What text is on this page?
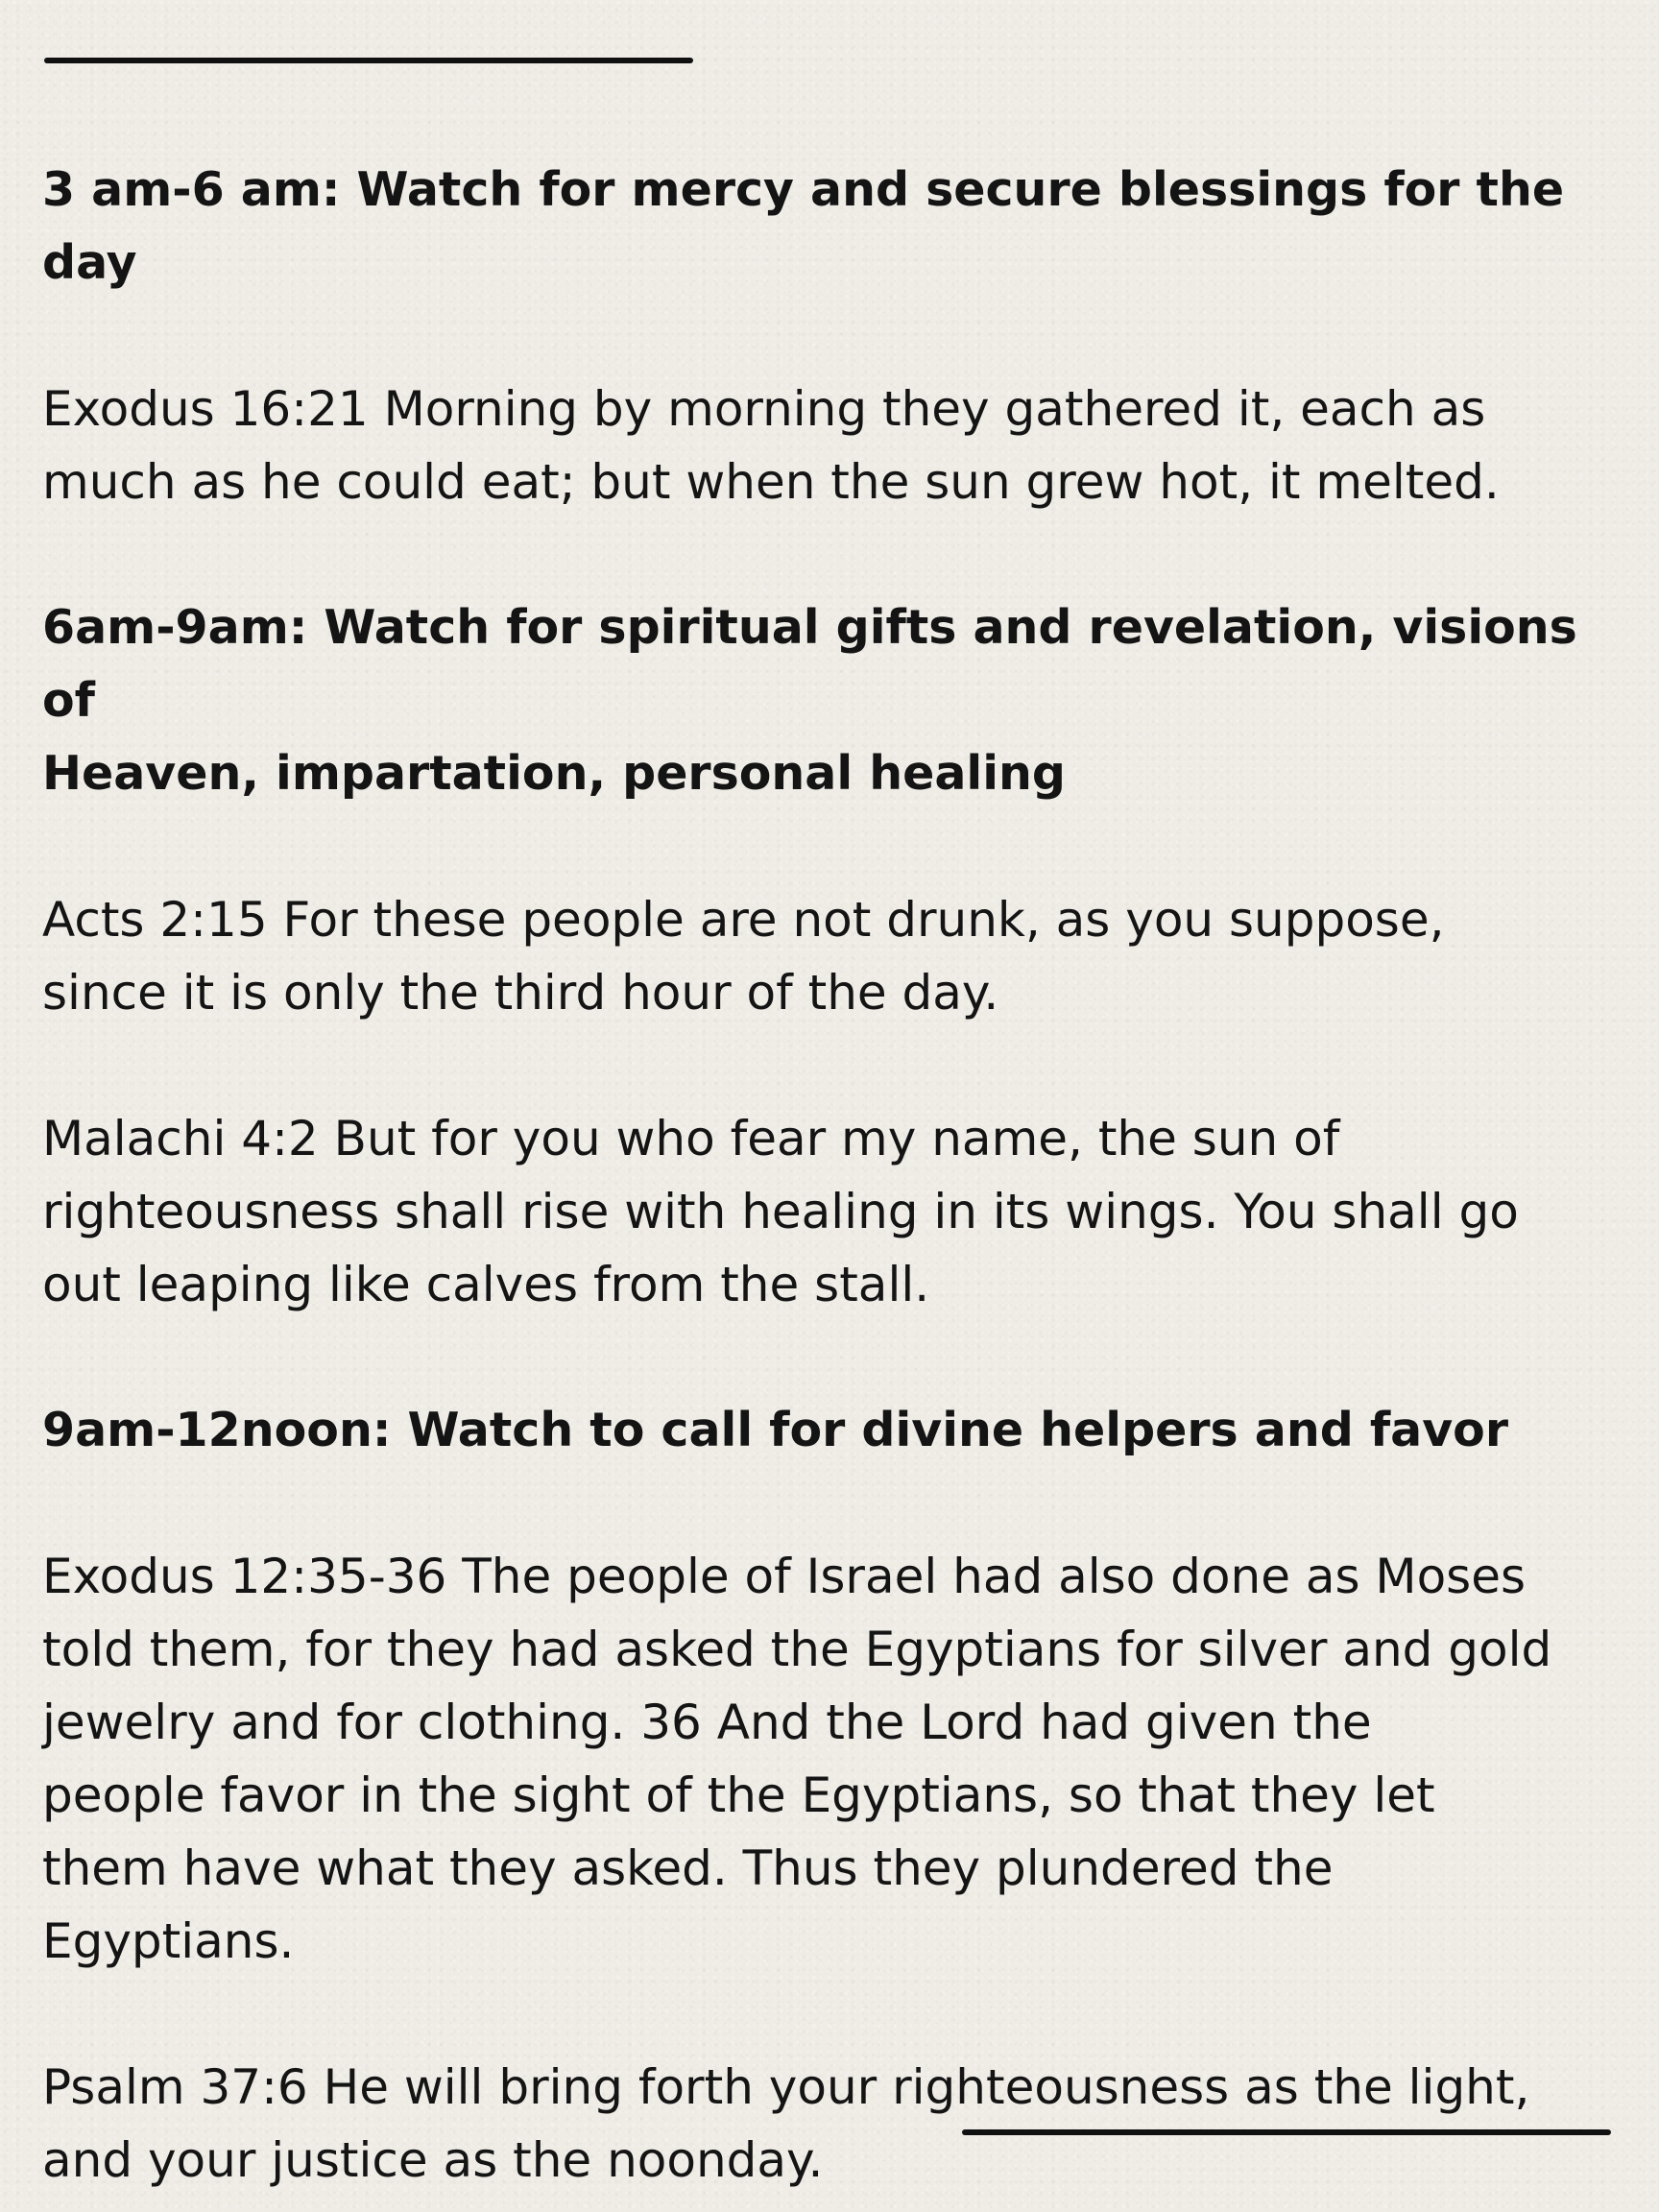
3 am-6 am: Watch for mercy and secure blessings for the day

Exodus 16:21 Morning by morning they gathered it, each as
much as he could eat; but when the sun grew hot, it melted.

6am-9am: Watch for spiritual gifts and revelation, visions of
Heaven, impartation, personal healing

Acts 2:15 For these people are not drunk, as you suppose,
since it is only the third hour of the day.

Malachi 4:2 But for you who fear my name, the sun of
righteousness shall rise with healing in its wings. You shall go
out leaping like calves from the stall.

9am-12noon: Watch to call for divine helpers and favor

Exodus 12:35-36 The people of Israel had also done as Moses
told them, for they had asked the Egyptians for silver and gold
jewelry and for clothing. 36 And the Lord had given the
people favor in the sight of the Egyptians, so that they let
them have what they asked. Thus they plundered the
Egyptians.

Psalm 37:6 He will bring forth your righteousness as the light,
and your justice as the noonday.
